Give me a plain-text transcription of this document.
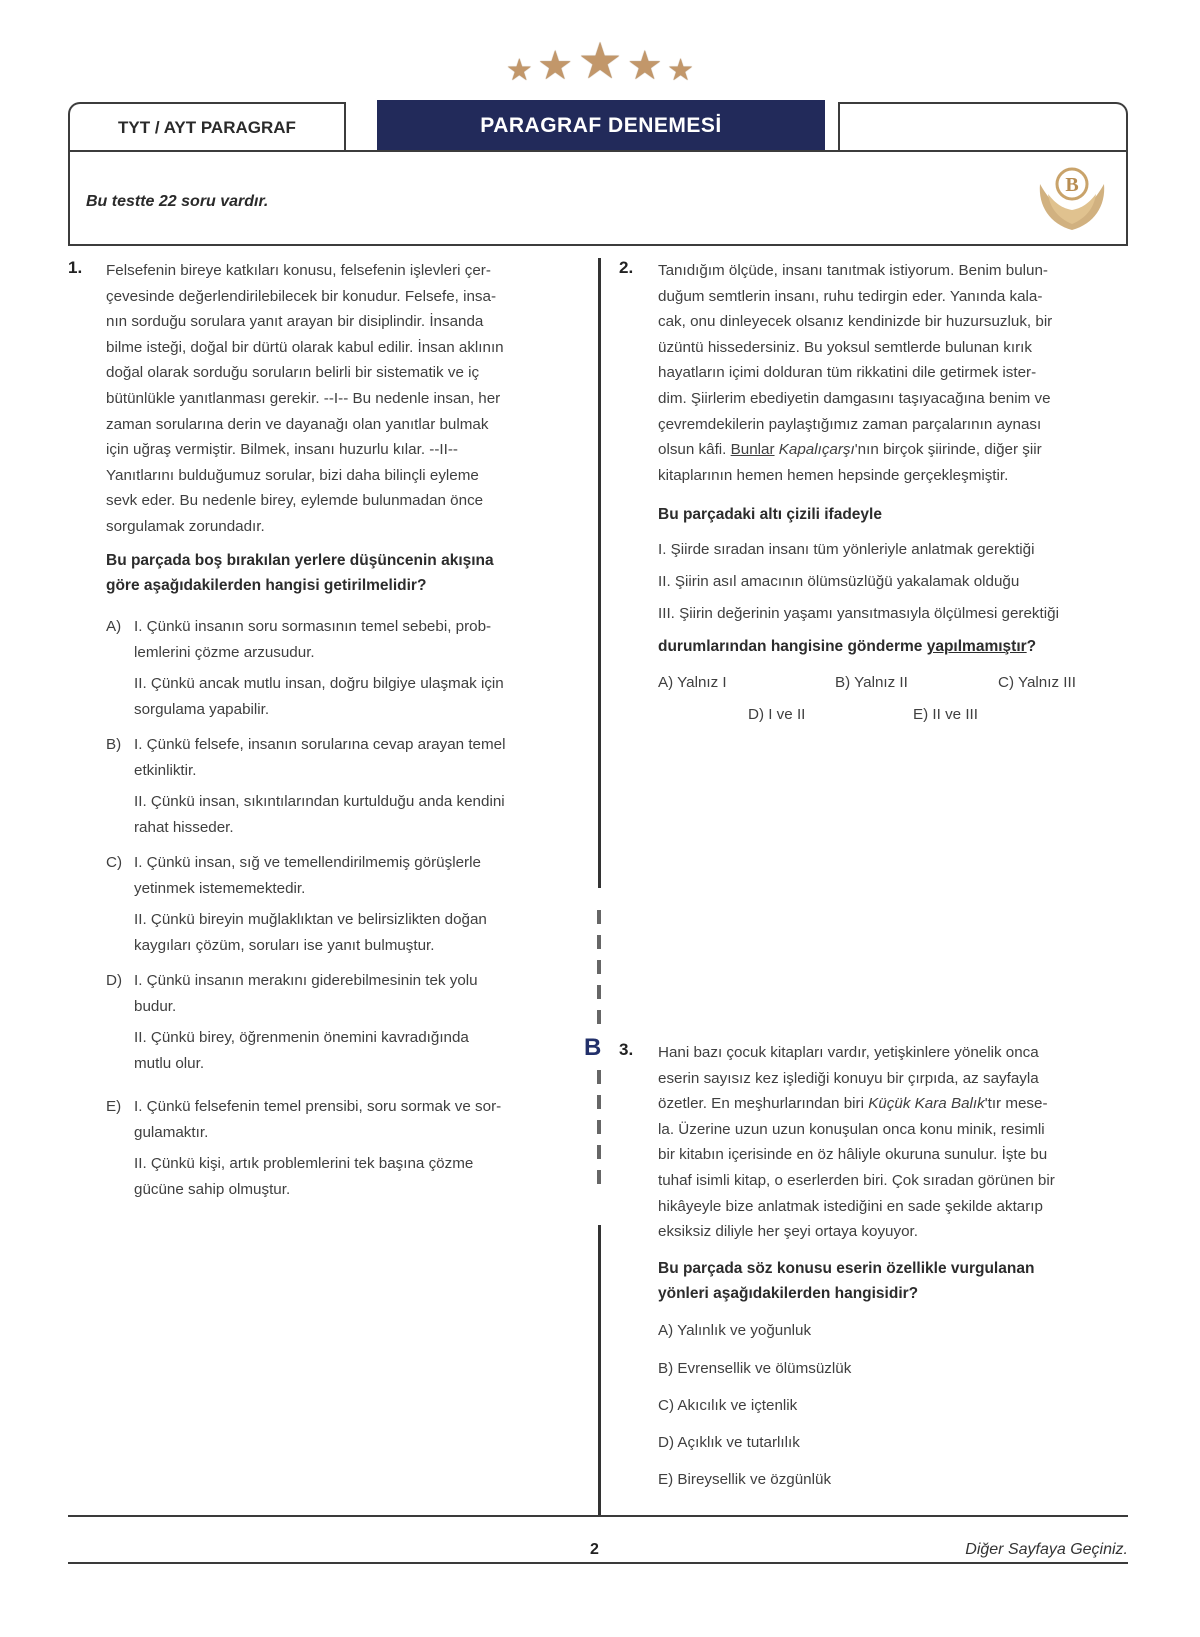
★ ★ ★ ★ ★
TYT / AYT PARAGRAF	PARAGRAF DENEMESİ
Bu testte 22 soru vardır.
B
B
1. Felsefenin bireye katkıları konusu, felsefenin işlevleri çer-
çevesinde değerlendirilebilecek bir konudur. Felsefe, insa-
nın sorduğu sorulara yanıt arayan bir disiplindir. İnsanda
bilme isteği, doğal bir dürtü olarak kabul edilir. İnsan aklının
doğal olarak sorduğu soruların belirli bir sistematik ve iç
bütünlükle yanıtlanması gerekir. --I-- Bu nedenle insan, her
zaman sorularına derin ve dayanağı olan yanıtlar bulmak
için uğraş vermiştir. Bilmek, insanı huzurlu kılar. --II--
Yanıtlarını bulduğumuz sorular, bizi daha bilinçli eyleme
sevk eder. Bu nedenle birey, eylemde bulunmadan önce
sorgulamak zorundadır.
Bu parçada boş bırakılan yerlere düşüncenin akışına
göre aşağıdakilerden hangisi getirilmelidir?
A) I. Çünkü insanın soru sormasının temel sebebi, prob-
lemlerini çözme arzusudur.
II. Çünkü ancak mutlu insan, doğru bilgiye ulaşmak için
sorgulama yapabilir.
B) I. Çünkü felsefe, insanın sorularına cevap arayan temel
etkinliktir.
II. Çünkü insan, sıkıntılarından kurtulduğu anda kendini
rahat hisseder.
C) I. Çünkü insan, sığ ve temellendirilmemiş görüşlerle
yetinmek istememektedir.
II. Çünkü bireyin muğlaklıktan ve belirsizlikten doğan
kaygıları çözüm, soruları ise yanıt bulmuştur.
D) I. Çünkü insanın merakını giderebilmesinin tek yolu
budur.
II. Çünkü birey, öğrenmenin önemini kavradığında
mutlu olur.
E) I. Çünkü felsefenin temel prensibi, soru sormak ve sor-
gulamaktır.
II. Çünkü kişi, artık problemlerini tek başına çözme
gücüne sahip olmuştur.
2. Tanıdığım ölçüde, insanı tanıtmak istiyorum. Benim bulun-
duğum semtlerin insanı, ruhu tedirgin eder. Yanında kala-
cak, onu dinleyecek olsanız kendinizde bir huzursuzluk, bir
üzüntü hissedersiniz. Bu yoksul semtlerde bulunan kırık
hayatların içimi dolduran tüm rikkatini dile getirmek ister-
dim. Şiirlerim ebediyetin damgasını taşıyacağına benim ve
çevremdekilerin paylaştığımız zaman parçalarının aynası
olsun kâfi. Bunlar Kapalıçarşı'nın birçok şiirinde, diğer şiir
kitaplarının hemen hemen hepsinde gerçekleşmiştir.
Bu parçadaki altı çizili ifadeyle
I. Şiirde sıradan insanı tüm yönleriyle anlatmak gerektiği
II. Şiirin asıl amacının ölümsüzlüğü yakalamak olduğu
III. Şiirin değerinin yaşamı yansıtmasıyla ölçülmesi gerektiği
durumlarından hangisine gönderme yapılmamıştır?
A) Yalnız I	B) Yalnız II	C) Yalnız III
D) I ve II	E) II ve III
3. Hani bazı çocuk kitapları vardır, yetişkinlere yönelik onca
eserin sayısız kez işlediği konuyu bir çırpıda, az sayfayla
özetler. En meşhurlarından biri Küçük Kara Balık'tır mese-
la. Üzerine uzun uzun konuşulan onca konu minik, resimli
bir kitabın içerisinde en öz hâliyle okuruna sunulur. İşte bu
tuhaf isimli kitap, o eserlerden biri. Çok sıradan görünen bir
hikâyeyle bize anlatmak istediğini en sade şekilde aktarıp
eksiksiz diliyle her şeyi ortaya koyuyor.
Bu parçada söz konusu eserin özellikle vurgulanan
yönleri aşağıdakilerden hangisidir?
A) Yalınlık ve yoğunluk
B) Evrensellik ve ölümsüzlük
C) Akıcılık ve içtenlik
D) Açıklık ve tutarlılık
E) Bireysellik ve özgünlük
2	Diğer Sayfaya Geçiniz.
